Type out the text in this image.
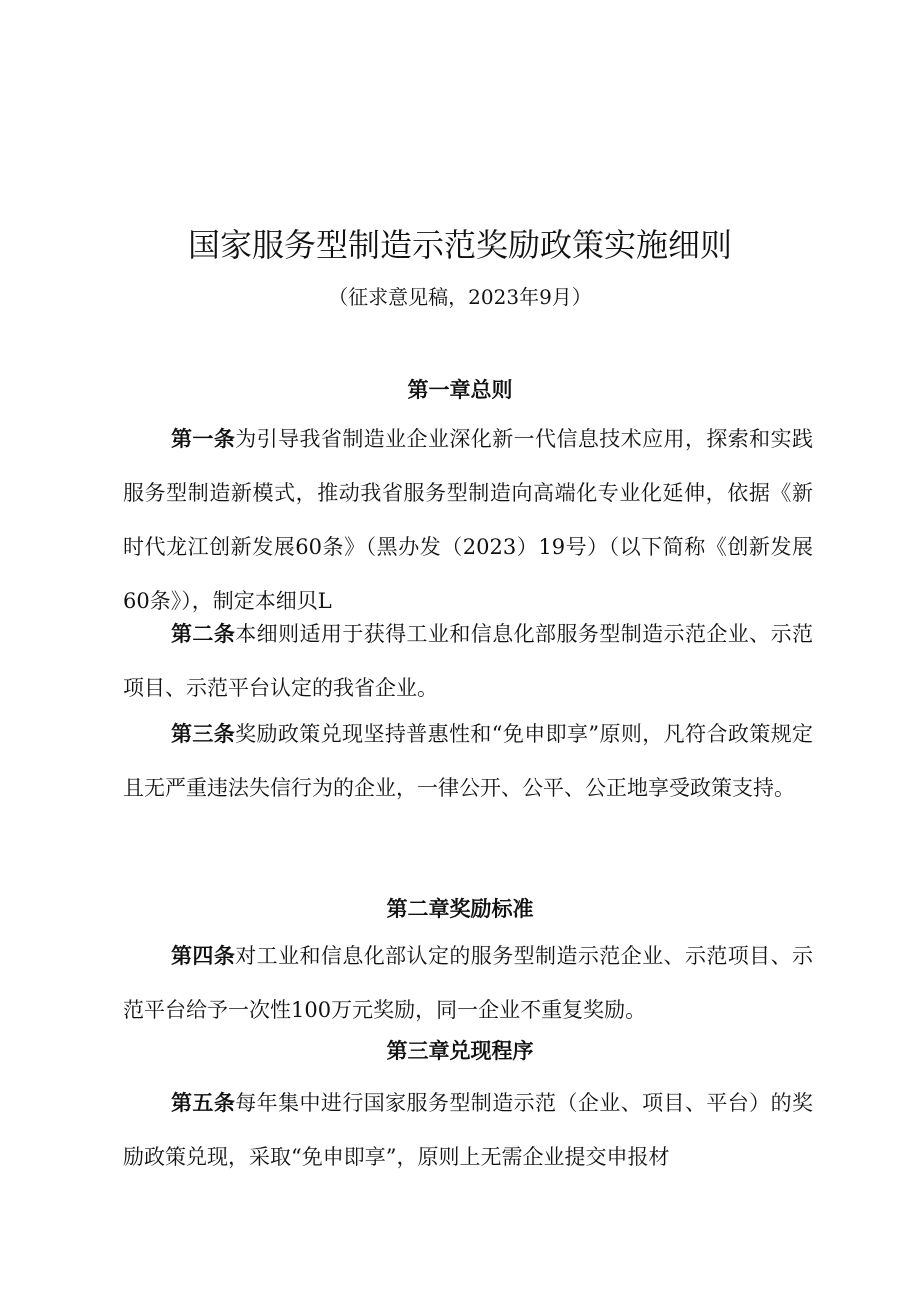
国家服务型制造示范奖励政策实施细则

（征求意见稿，2023年9月）

第一章总则

第一条为引导我省制造业企业深化新一代信息技术应用，探索和实践服务型制造新模式，推动我省服务型制造向高端化专业化延伸，依据《新时代龙江创新发展60条》（黑办发（2023）19号）（以下简称《创新发展60条》），制定本细贝L

第二条本细则适用于获得工业和信息化部服务型制造示范企业、示范项目、示范平台认定的我省企业。

第三条奖励政策兑现坚持普惠性和“免申即享”原则，凡符合政策规定且无严重违法失信行为的企业，一律公开、公平、公正地享受政策支持。

第二章奖励标准

第四条对工业和信息化部认定的服务型制造示范企业、示范项目、示范平台给予一次性100万元奖励，同一企业不重复奖励。

第三章兑现程序

第五条每年集中进行国家服务型制造示范（企业、项目、平台）的奖励政策兑现，采取“免申即享”，原则上无需企业提交申报材
